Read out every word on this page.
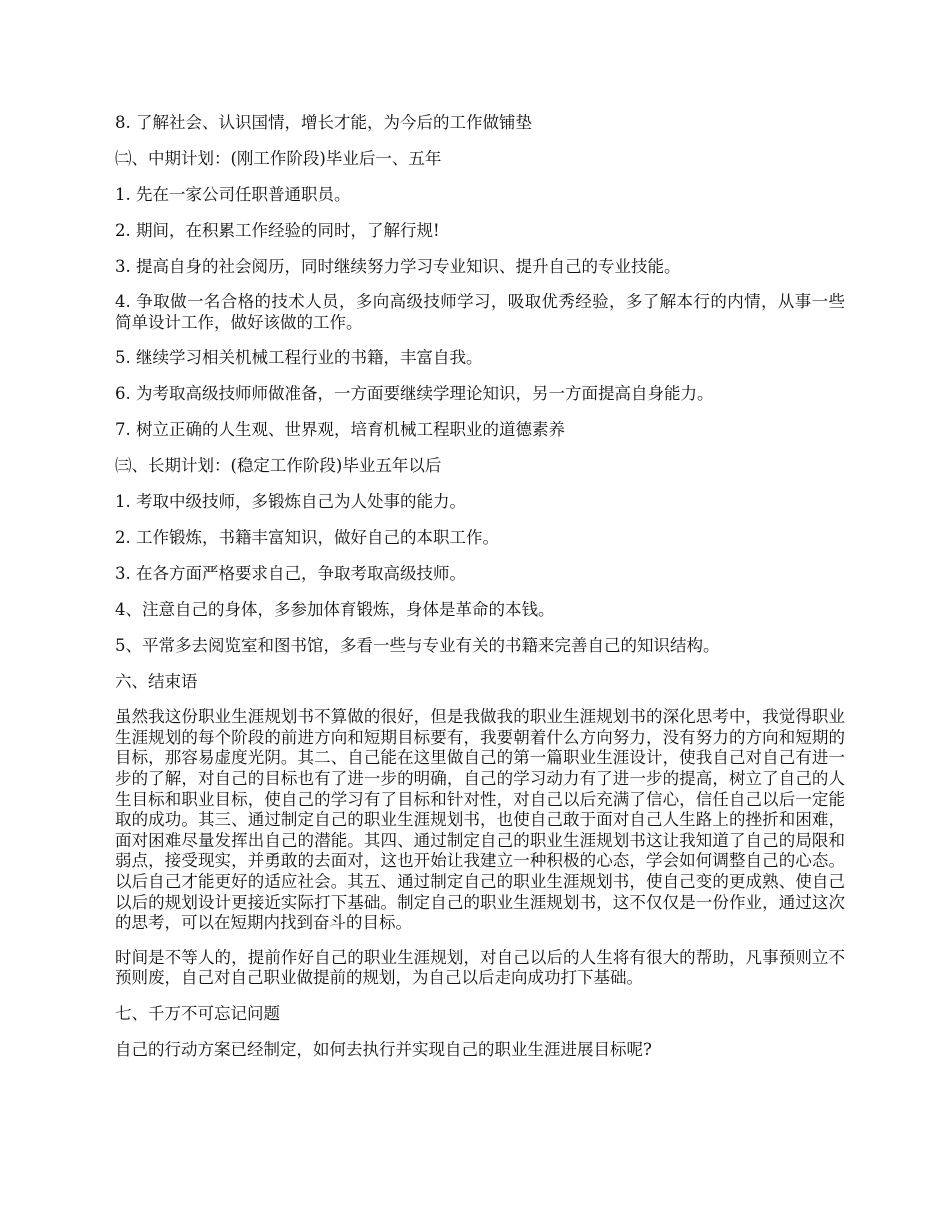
8. 了解社会、认识国情，增长才能，为今后的工作做铺垫

㈡、中期计划：(刚工作阶段)毕业后一、五年

1. 先在一家公司任职普通职员。

2. 期间，在积累工作经验的同时，了解行规!

3. 提高自身的社会阅历，同时继续努力学习专业知识、提升自己的专业技能。

4. 争取做一名合格的技术人员，多向高级技师学习，吸取优秀经验，多了解本行的内情，从事一些简单设计工作，做好该做的工作。

5. 继续学习相关机械工程行业的书籍，丰富自我。

6. 为考取高级技师师做准备，一方面要继续学理论知识，另一方面提高自身能力。

7. 树立正确的人生观、世界观，培育机械工程职业的道德素养

㈢、长期计划：(稳定工作阶段)毕业五年以后

1. 考取中级技师，多锻炼自己为人处事的能力。

2. 工作锻炼，书籍丰富知识，做好自己的本职工作。

3. 在各方面严格要求自己，争取考取高级技师。

4、注意自己的身体，多参加体育锻炼，身体是革命的本钱。

5、平常多去阅览室和图书馆，多看一些与专业有关的书籍来完善自己的知识结构。

六、结束语

虽然我这份职业生涯规划书不算做的很好，但是我做我的职业生涯规划书的深化思考中，我觉得职业生涯规划的每个阶段的前进方向和短期目标要有，我要朝着什么方向努力，没有努力的方向和短期的目标，那容易虚度光阴。其二、自己能在这里做自己的第一篇职业生涯设计，使我自己对自己有进一步的了解，对自己的目标也有了进一步的明确，自己的学习动力有了进一步的提高，树立了自己的人生目标和职业目标，使自己的学习有了目标和针对性，对自己以后充满了信心，信任自己以后一定能取的成功。其三、通过制定自己的职业生涯规划书，也使自己敢于面对自己人生路上的挫折和困难，面对困难尽量发挥出自己的潜能。其四、通过制定自己的职业生涯规划书这让我知道了自己的局限和弱点，接受现实，并勇敢的去面对，这也开始让我建立一种积极的心态，学会如何调整自己的心态。以后自己才能更好的适应社会。其五、通过制定自己的职业生涯规划书，使自己变的更成熟、使自己以后的规划设计更接近实际打下基础。制定自己的职业生涯规划书，这不仅仅是一份作业，通过这次的思考，可以在短期内找到奋斗的目标。

时间是不等人的，提前作好自己的职业生涯规划，对自己以后的人生将有很大的帮助，凡事预则立不预则废，自己对自己职业做提前的规划，为自己以后走向成功打下基础。

七、千万不可忘记问题

自己的行动方案已经制定，如何去执行并实现自己的职业生涯进展目标呢?
